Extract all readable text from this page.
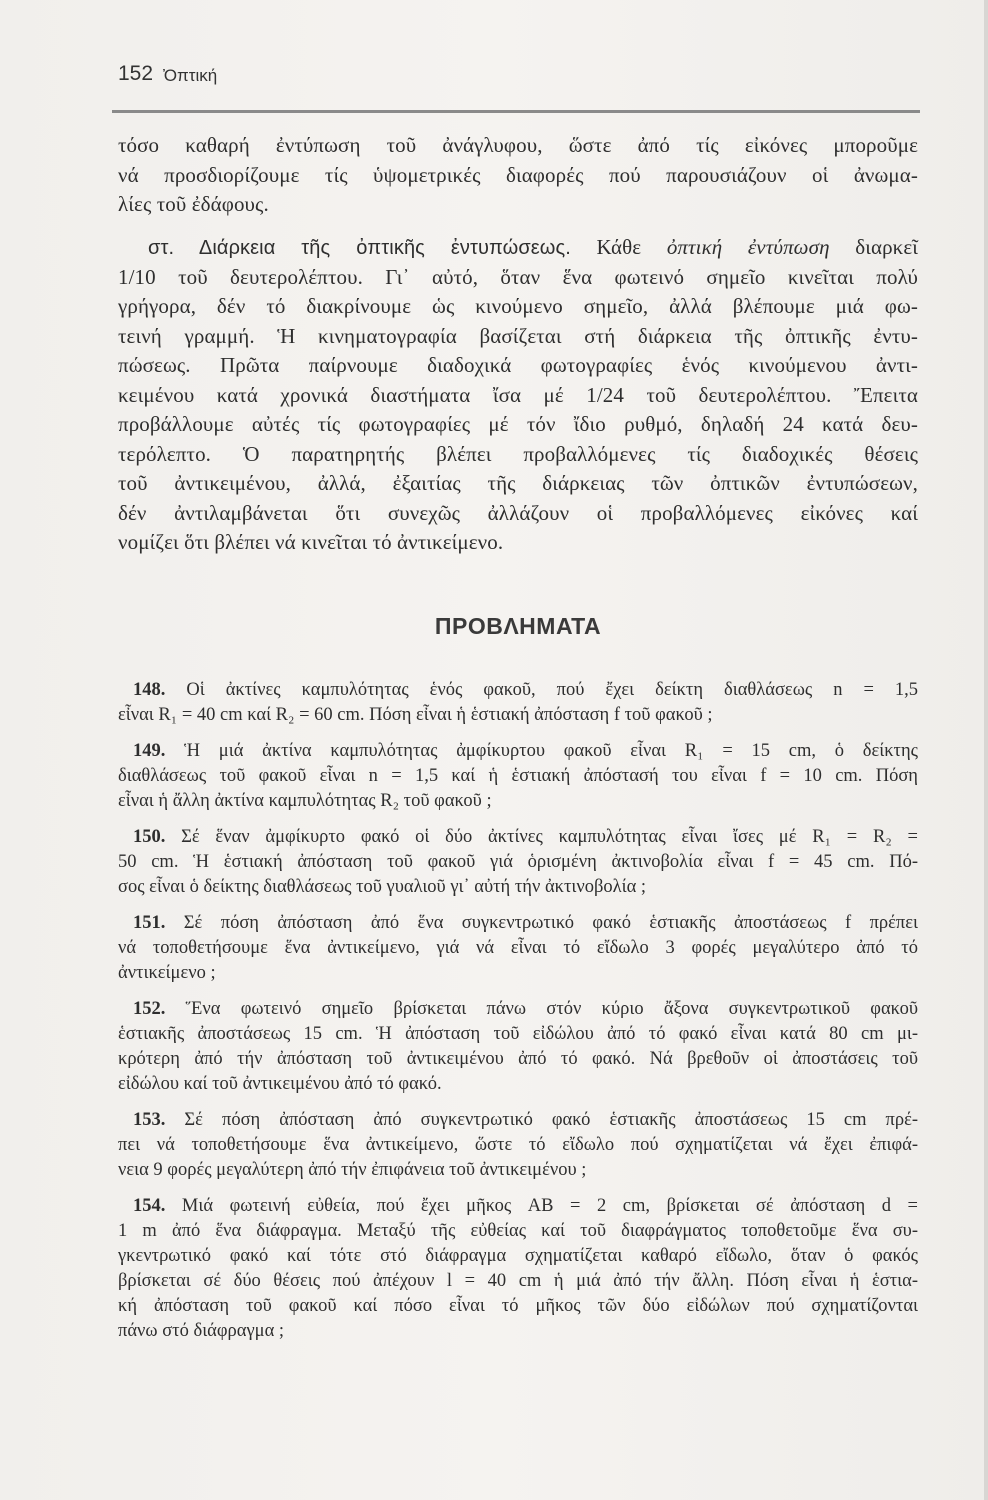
152 Ὀπτική
τόσο καθαρή ἐντύπωση τοῦ ἀνάγλυφου, ὥστε ἀπό τίς εἰκόνες μποροῦμε
νά προσδιορίζουμε τίς ὑψομετρικές διαφορές πού παρουσιάζουν οἱ ἀνωμα-
λίες τοῦ ἐδάφους.
στ. Διάρκεια τῆς ὀπτικῆς ἐντυπώσεως. Κάθε ὀπτική ἐντύπωση διαρκεῖ
1/10 τοῦ δευτερολέπτου. Γι᾽ αὐτό, ὅταν ἕνα φωτεινό σημεῖο κινεῖται πολύ
γρήγορα, δέν τό διακρίνουμε ὡς κινούμενο σημεῖο, ἀλλά βλέπουμε μιά φω-
τεινή γραμμή. Ἡ κινηματογραφία βασίζεται στή διάρκεια τῆς ὀπτικῆς ἐντυ-
πώσεως. Πρῶτα παίρνουμε διαδοχικά φωτογραφίες ἑνός κινούμενου ἀντι-
κειμένου κατά χρονικά διαστήματα ἴσα μέ 1/24 τοῦ δευτερολέπτου. Ἔπειτα
προβάλλουμε αὐτές τίς φωτογραφίες μέ τόν ἴδιο ρυθμό, δηλαδή 24 κατά δευ-
τερόλεπτο. Ὁ παρατηρητής βλέπει προβαλλόμενες τίς διαδοχικές θέσεις
τοῦ ἀντικειμένου, ἀλλά, ἐξαιτίας τῆς διάρκειας τῶν ὀπτικῶν ἐντυπώσεων,
δέν ἀντιλαμβάνεται ὅτι συνεχῶς ἀλλάζουν οἱ προβαλλόμενες εἰκόνες καί
νομίζει ὅτι βλέπει νά κινεῖται τό ἀντικείμενο.
ΠΡΟΒΛΗΜΑΤΑ
148. Οἱ ἀκτίνες καμπυλότητας ἑνός φακοῦ, πού ἔχει δείκτη διαθλάσεως n = 1,5
εἶναι R₁ = 40 cm καί R₂ = 60 cm. Πόση εἶναι ἡ ἑστιακή ἀπόσταση f τοῦ φακοῦ ;
149. Ἡ μιά ἀκτίνα καμπυλότητας ἀμφίκυρτου φακοῦ εἶναι R₁ = 15 cm, ὁ δείκτης
διαθλάσεως τοῦ φακοῦ εἶναι n = 1,5 καί ἡ ἑστιακή ἀπόστασή του εἶναι f = 10 cm. Πόση
εἶναι ἡ ἄλλη ἀκτίνα καμπυλότητας R₂ τοῦ φακοῦ ;
150. Σέ ἕναν ἀμφίκυρτο φακό οἱ δύο ἀκτίνες καμπυλότητας εἶναι ἴσες μέ R₁ = R₂ =
50 cm. Ἡ ἑστιακή ἀπόσταση τοῦ φακοῦ γιά ὁρισμένη ἀκτινοβολία εἶναι f = 45 cm. Πό-
σος εἶναι ὁ δείκτης διαθλάσεως τοῦ γυαλιοῦ γι᾽ αὐτή τήν ἀκτινοβολία ;
151. Σέ πόση ἀπόσταση ἀπό ἕνα συγκεντρωτικό φακό ἑστιακῆς ἀποστάσεως f πρέπει
νά τοποθετήσουμε ἕνα ἀντικείμενο, γιά νά εἶναι τό εἴδωλο 3 φορές μεγαλύτερο ἀπό τό
ἀντικείμενο ;
152. Ἕνα φωτεινό σημεῖο βρίσκεται πάνω στόν κύριο ἄξονα συγκεντρωτικοῦ φακοῦ
ἑστιακῆς ἀποστάσεως 15 cm. Ἡ ἀπόσταση τοῦ εἰδώλου ἀπό τό φακό εἶναι κατά 80 cm μι-
κρότερη ἀπό τήν ἀπόσταση τοῦ ἀντικειμένου ἀπό τό φακό. Νά βρεθοῦν οἱ ἀποστάσεις τοῦ
εἰδώλου καί τοῦ ἀντικειμένου ἀπό τό φακό.
153. Σέ πόση ἀπόσταση ἀπό συγκεντρωτικό φακό ἑστιακῆς ἀποστάσεως 15 cm πρέ-
πει νά τοποθετήσουμε ἕνα ἀντικείμενο, ὥστε τό εἴδωλο πού σχηματίζεται νά ἔχει ἐπιφά-
νεια 9 φορές μεγαλύτερη ἀπό τήν ἐπιφάνεια τοῦ ἀντικειμένου ;
154. Μιά φωτεινή εὐθεία, πού ἔχει μῆκος AB = 2 cm, βρίσκεται σέ ἀπόσταση d =
1 m ἀπό ἕνα διάφραγμα. Μεταξύ τῆς εὐθείας καί τοῦ διαφράγματος τοποθετοῦμε ἕνα συ-
γκεντρωτικό φακό καί τότε στό διάφραγμα σχηματίζεται καθαρό εἴδωλο, ὅταν ὁ φακός
βρίσκεται σέ δύο θέσεις πού ἀπέχουν l = 40 cm ἡ μιά ἀπό τήν ἄλλη. Πόση εἶναι ἡ ἑστια-
κή ἀπόσταση τοῦ φακοῦ καί πόσο εἶναι τό μῆκος τῶν δύο εἰδώλων πού σχηματίζονται
πάνω στό διάφραγμα ;
